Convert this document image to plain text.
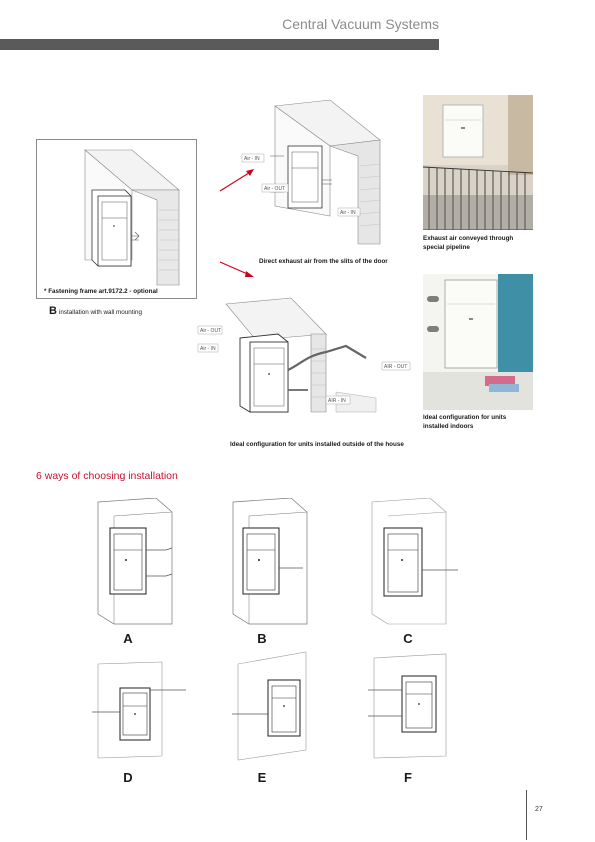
Central Vacuum Systems
* Fastening frame art.9172.2 - optional
B installation with wall mounting
Air - IN
Air - OUT
Air - IN
Direct exhaust air from the slits of the door
Air - OUT
Air - IN
AIR - OUT
AIR - IN
Ideal configuration for units installed outside of the house
Exhaust air conveyed through special pipeline
Ideal configuration for units installed indoors
6 ways of choosing installation
A	B	C
D	E	F
27
